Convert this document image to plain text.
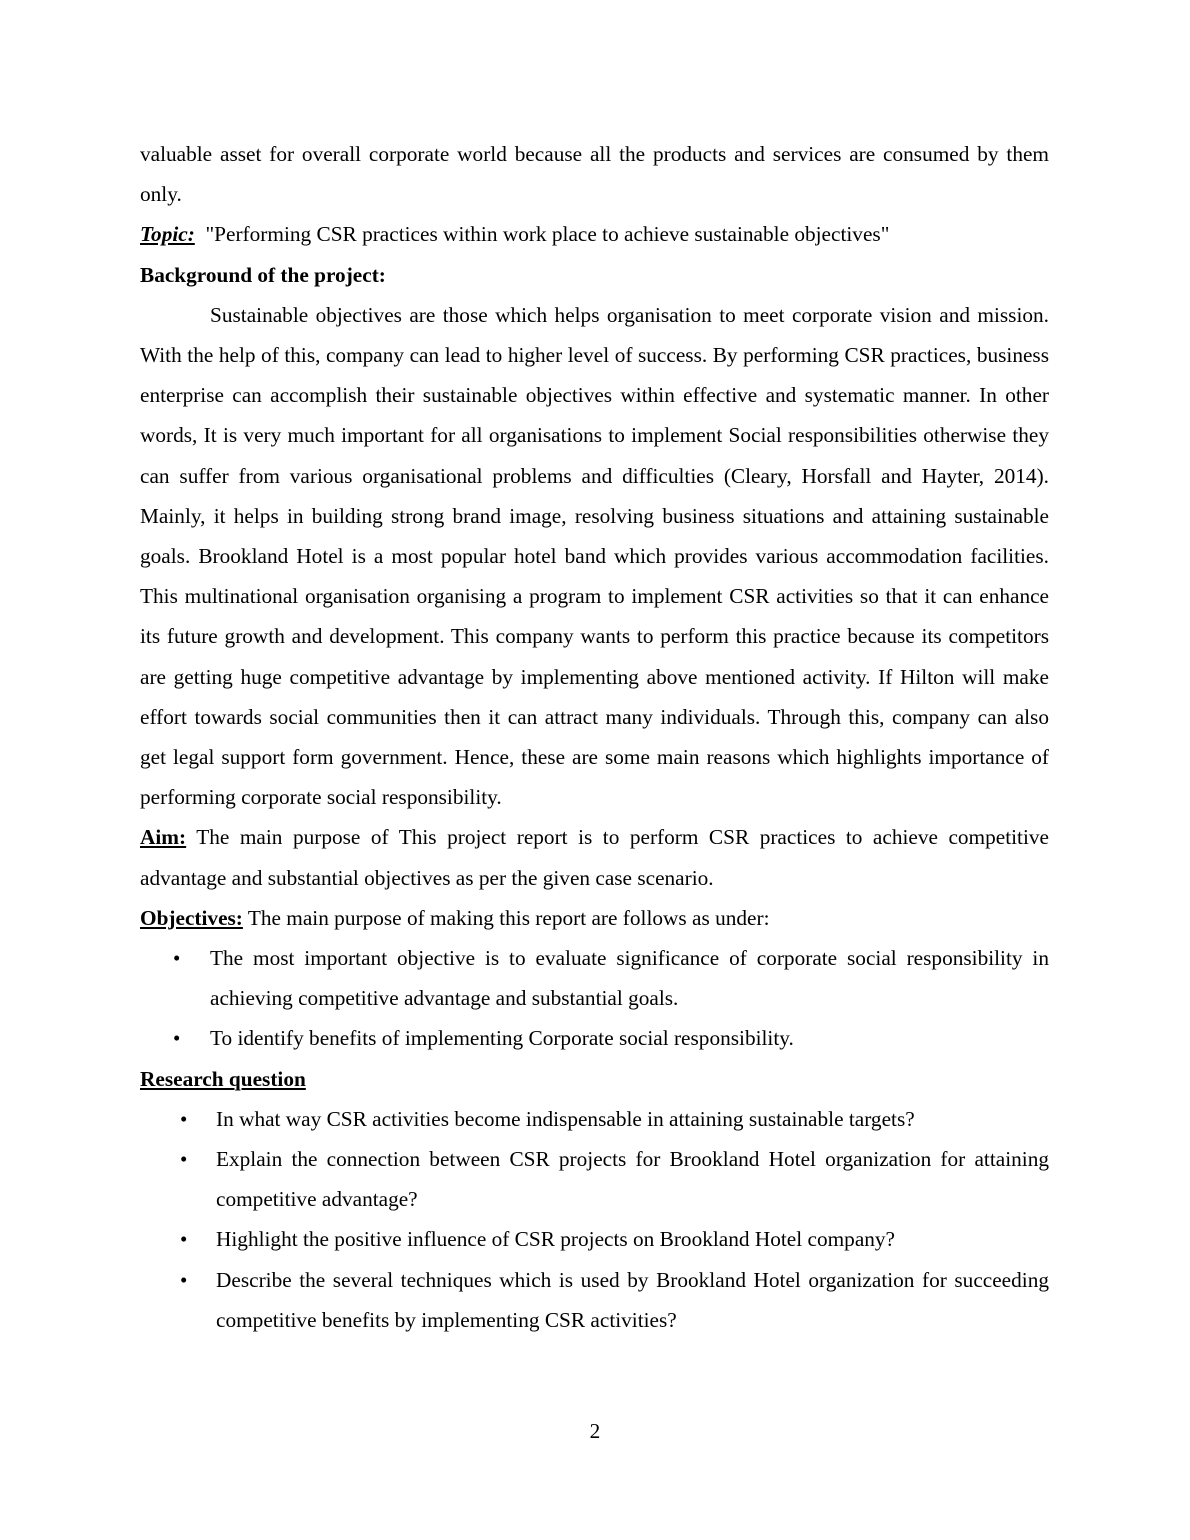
valuable asset for overall corporate world because all the products and services are consumed by them only.

Topic: "Performing CSR practices within work place to achieve sustainable objectives"

Background of the project:

Sustainable objectives are those which helps organisation to meet corporate vision and mission. With the help of this, company can lead to higher level of success. By performing CSR practices, business enterprise can accomplish their sustainable objectives within effective and systematic manner. In other words, It is very much important for all organisations to implement Social responsibilities otherwise they can suffer from various organisational problems and difficulties (Cleary, Horsfall and Hayter, 2014). Mainly, it helps in building strong brand image, resolving business situations and attaining sustainable goals. Brookland Hotel is a most popular hotel band which provides various accommodation facilities. This multinational organisation organising a program to implement CSR activities so that it can enhance its future growth and development. This company wants to perform this practice because its competitors are getting huge competitive advantage by implementing above mentioned activity. If Hilton will make effort towards social communities then it can attract many individuals. Through this, company can also get legal support form government. Hence, these are some main reasons which highlights importance of performing corporate social responsibility.

Aim: The main purpose of This project report is to perform CSR practices to achieve competitive advantage and substantial objectives as per the given case scenario.

Objectives: The main purpose of making this report are follows as under:

• The most important objective is to evaluate significance of corporate social responsibility in achieving competitive advantage and substantial goals.
• To identify benefits of implementing Corporate social responsibility.

Research question

• In what way CSR activities become indispensable in attaining sustainable targets?
• Explain the connection between CSR projects for Brookland Hotel organization for attaining competitive advantage?
• Highlight the positive influence of CSR projects on Brookland Hotel company?
• Describe the several techniques which is used by Brookland Hotel organization for succeeding competitive benefits by implementing CSR activities?
2
